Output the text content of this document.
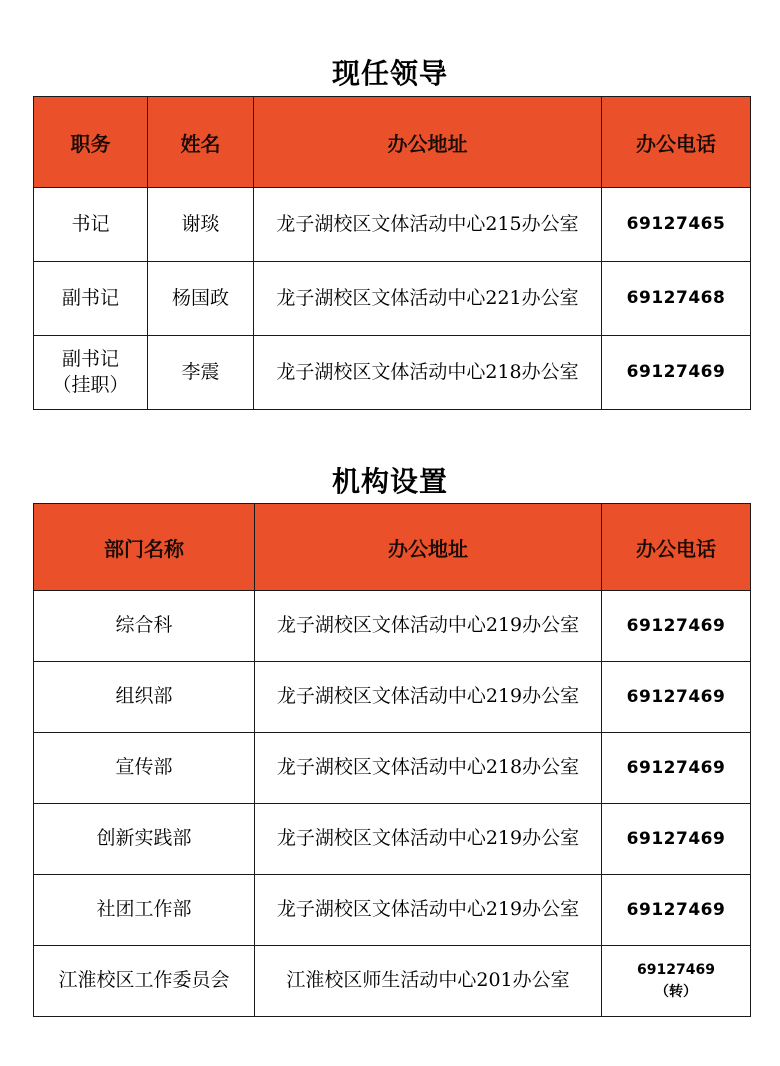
现任领导
职务	姓名	办公地址	办公电话
书记	谢琰	龙子湖校区文体活动中心215办公室	69127465
副书记	杨国政	龙子湖校区文体活动中心221办公室	69127468

副书记
（挂职）	李震	龙子湖校区文体活动中心218办公室	69127469
机构设置
部门名称	办公地址	办公电话
综合科	龙子湖校区文体活动中心219办公室	69127469
组织部	龙子湖校区文体活动中心219办公室	69127469
宣传部	龙子湖校区文体活动中心218办公室	69127469
创新实践部	龙子湖校区文体活动中心219办公室	69127469
社团工作部	龙子湖校区文体活动中心219办公室	69127469
江淮校区工作委员会	江淮校区师生活动中心201办公室	69127469
（转）
